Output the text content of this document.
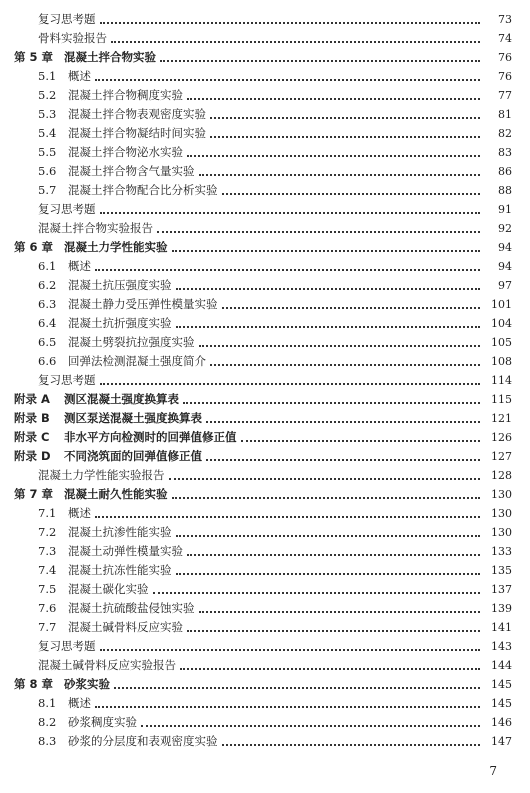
复习思考题	73
骨料实验报告	74
第 5 章 混凝土拌合物实验	76
5.1	概述	76
5.2	混凝土拌合物稠度实验	77
5.3	混凝土拌合物表观密度实验	81
5.4	混凝土拌合物凝结时间实验	82
5.5	混凝土拌合物泌水实验	83
5.6	混凝土拌合物含气量实验	86
5.7	混凝土拌合物配合比分析实验	88
复习思考题	91
混凝土拌合物实验报告	92
第 6 章 混凝土力学性能实验	94
6.1	概述	94
6.2	混凝土抗压强度实验	97
6.3	混凝土静力受压弹性模量实验	101
6.4	混凝土抗折强度实验	104
6.5	混凝土劈裂抗拉强度实验	105
6.6	回弹法检测混凝土强度简介	108
复习思考题	114
附录 A	测区混凝土强度换算表	115
附录 B	测区泵送混凝土强度换算表	121
附录 C	非水平方向检测时的回弹值修正值	126
附录 D	不同浇筑面的回弹值修正值	127
混凝土力学性能实验报告	128
第 7 章 混凝土耐久性能实验	130
7.1	概述	130
7.2	混凝土抗渗性能实验	130
7.3	混凝土动弹性模量实验	133
7.4	混凝土抗冻性能实验	135
7.5	混凝土碳化实验	137
7.6	混凝土抗硫酸盐侵蚀实验	139
7.7	混凝土碱骨料反应实验	141
复习思考题	143
混凝土碱骨料反应实验报告	144
第 8 章 砂浆实验	145
8.1	概述	145
8.2	砂浆稠度实验	146
8.3	砂浆的分层度和表观密度实验	147
7
